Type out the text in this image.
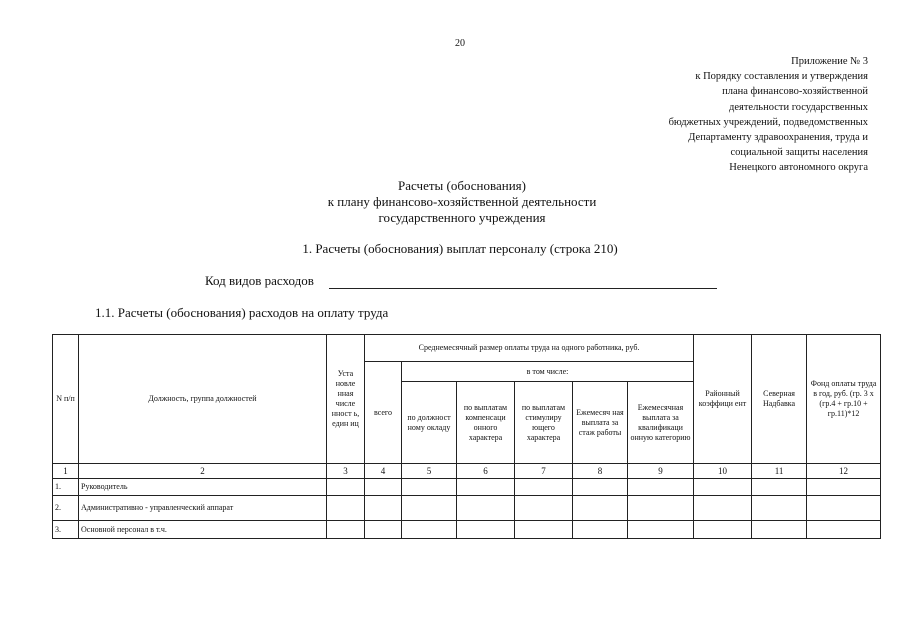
20
Приложение № 3
к Порядку составления и утверждения
плана финансово-хозяйственной
деятельности государственных
бюджетных учреждений, подведомственных
Департаменту здравоохранения, труда и
социальной защиты населения
Ненецкого автономного округа
Расчеты (обоснования)
к плану финансово-хозяйственной деятельности
государственного учреждения
1. Расчеты (обоснования) выплат персоналу (строка 210)
Код видов расходов
1.1. Расчеты (обоснования) расходов на оплату труда
N п/п	Должность, группа должностей	Уста новле нная числе нност ь, един иц	Среднемесячный размер оплаты труда на одного работника, руб.						Районный коэффици ент	Северная Надбавка	Фонд оплаты труда в год, руб. (гр. 3 х (гр.4 + гр.10 + гр.11)*12
			всего	в том числе:							
				по должност ному окладу	по выплатам компенсаци онного характера	по выплатам стимулиру ющего характера	Ежемесяч ная выплата за стаж работы	Ежемесячная выплата за квалификаци онную категорию			
1	2	3	4	5	6	7	8	9	10	11	12
1.	Руководитель										
2.	Административно - управленческий аппарат										
3.	Основной персонал в т.ч.										
